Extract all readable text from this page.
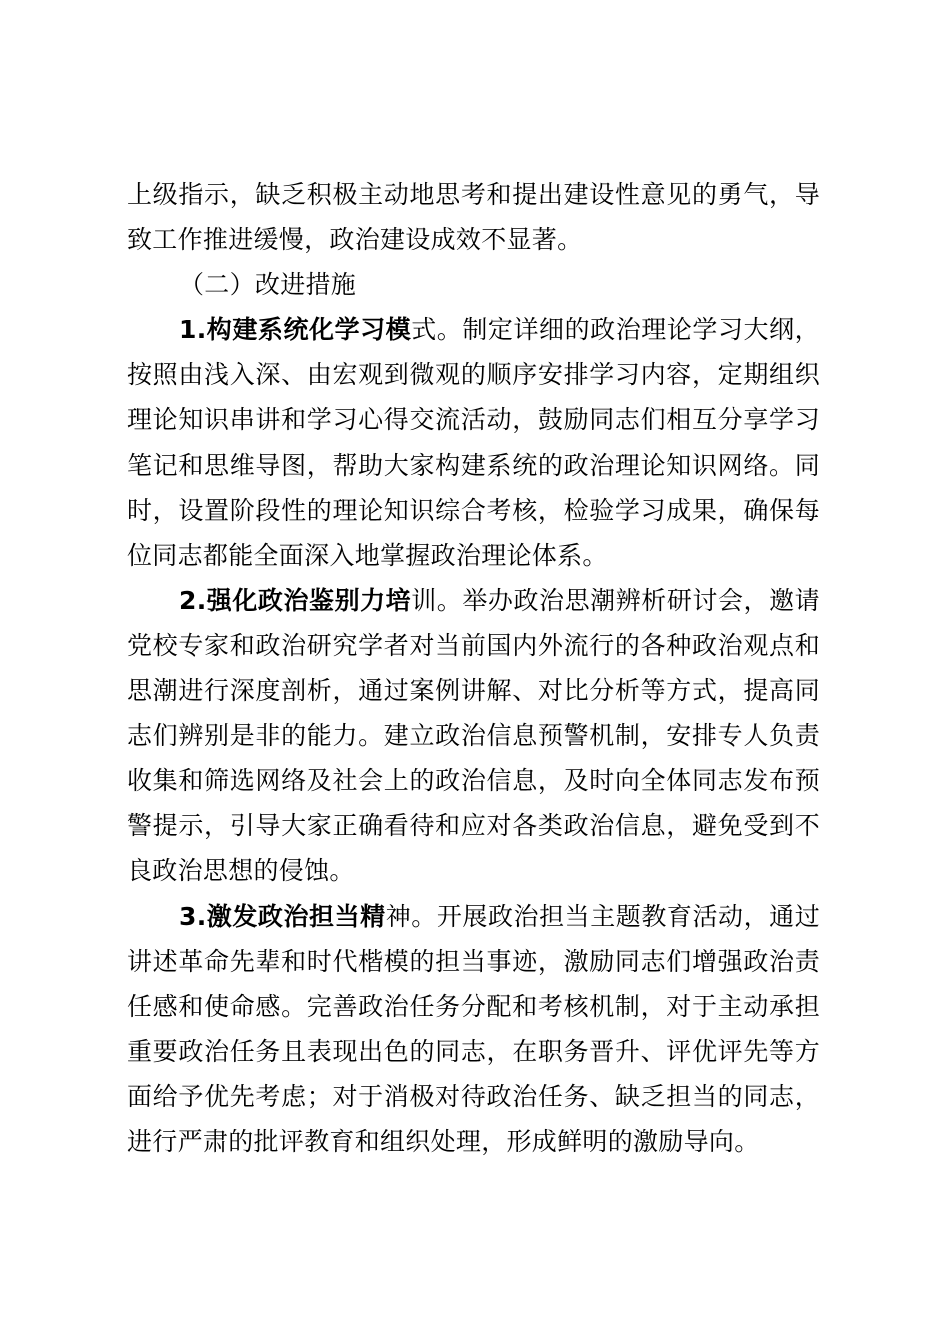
上级指示，缺乏积极主动地思考和提出建设性意见的勇气，导致工作推进缓慢，政治建设成效不显著。

（二）改进措施

1.构建系统化学习模式。制定详细的政治理论学习大纲，按照由浅入深、由宏观到微观的顺序安排学习内容，定期组织理论知识串讲和学习心得交流活动，鼓励同志们相互分享学习笔记和思维导图，帮助大家构建系统的政治理论知识网络。同时，设置阶段性的理论知识综合考核，检验学习成果，确保每位同志都能全面深入地掌握政治理论体系。

2.强化政治鉴别力培训。举办政治思潮辨析研讨会，邀请党校专家和政治研究学者对当前国内外流行的各种政治观点和思潮进行深度剖析，通过案例讲解、对比分析等方式，提高同志们辨别是非的能力。建立政治信息预警机制，安排专人负责收集和筛选网络及社会上的政治信息，及时向全体同志发布预警提示，引导大家正确看待和应对各类政治信息，避免受到不良政治思想的侵蚀。

3.激发政治担当精神。开展政治担当主题教育活动，通过讲述革命先辈和时代楷模的担当事迹，激励同志们增强政治责任感和使命感。完善政治任务分配和考核机制，对于主动承担重要政治任务且表现出色的同志，在职务晋升、评优评先等方面给予优先考虑；对于消极对待政治任务、缺乏担当的同志，进行严肃的批评教育和组织处理，形成鲜明的激励导向。
